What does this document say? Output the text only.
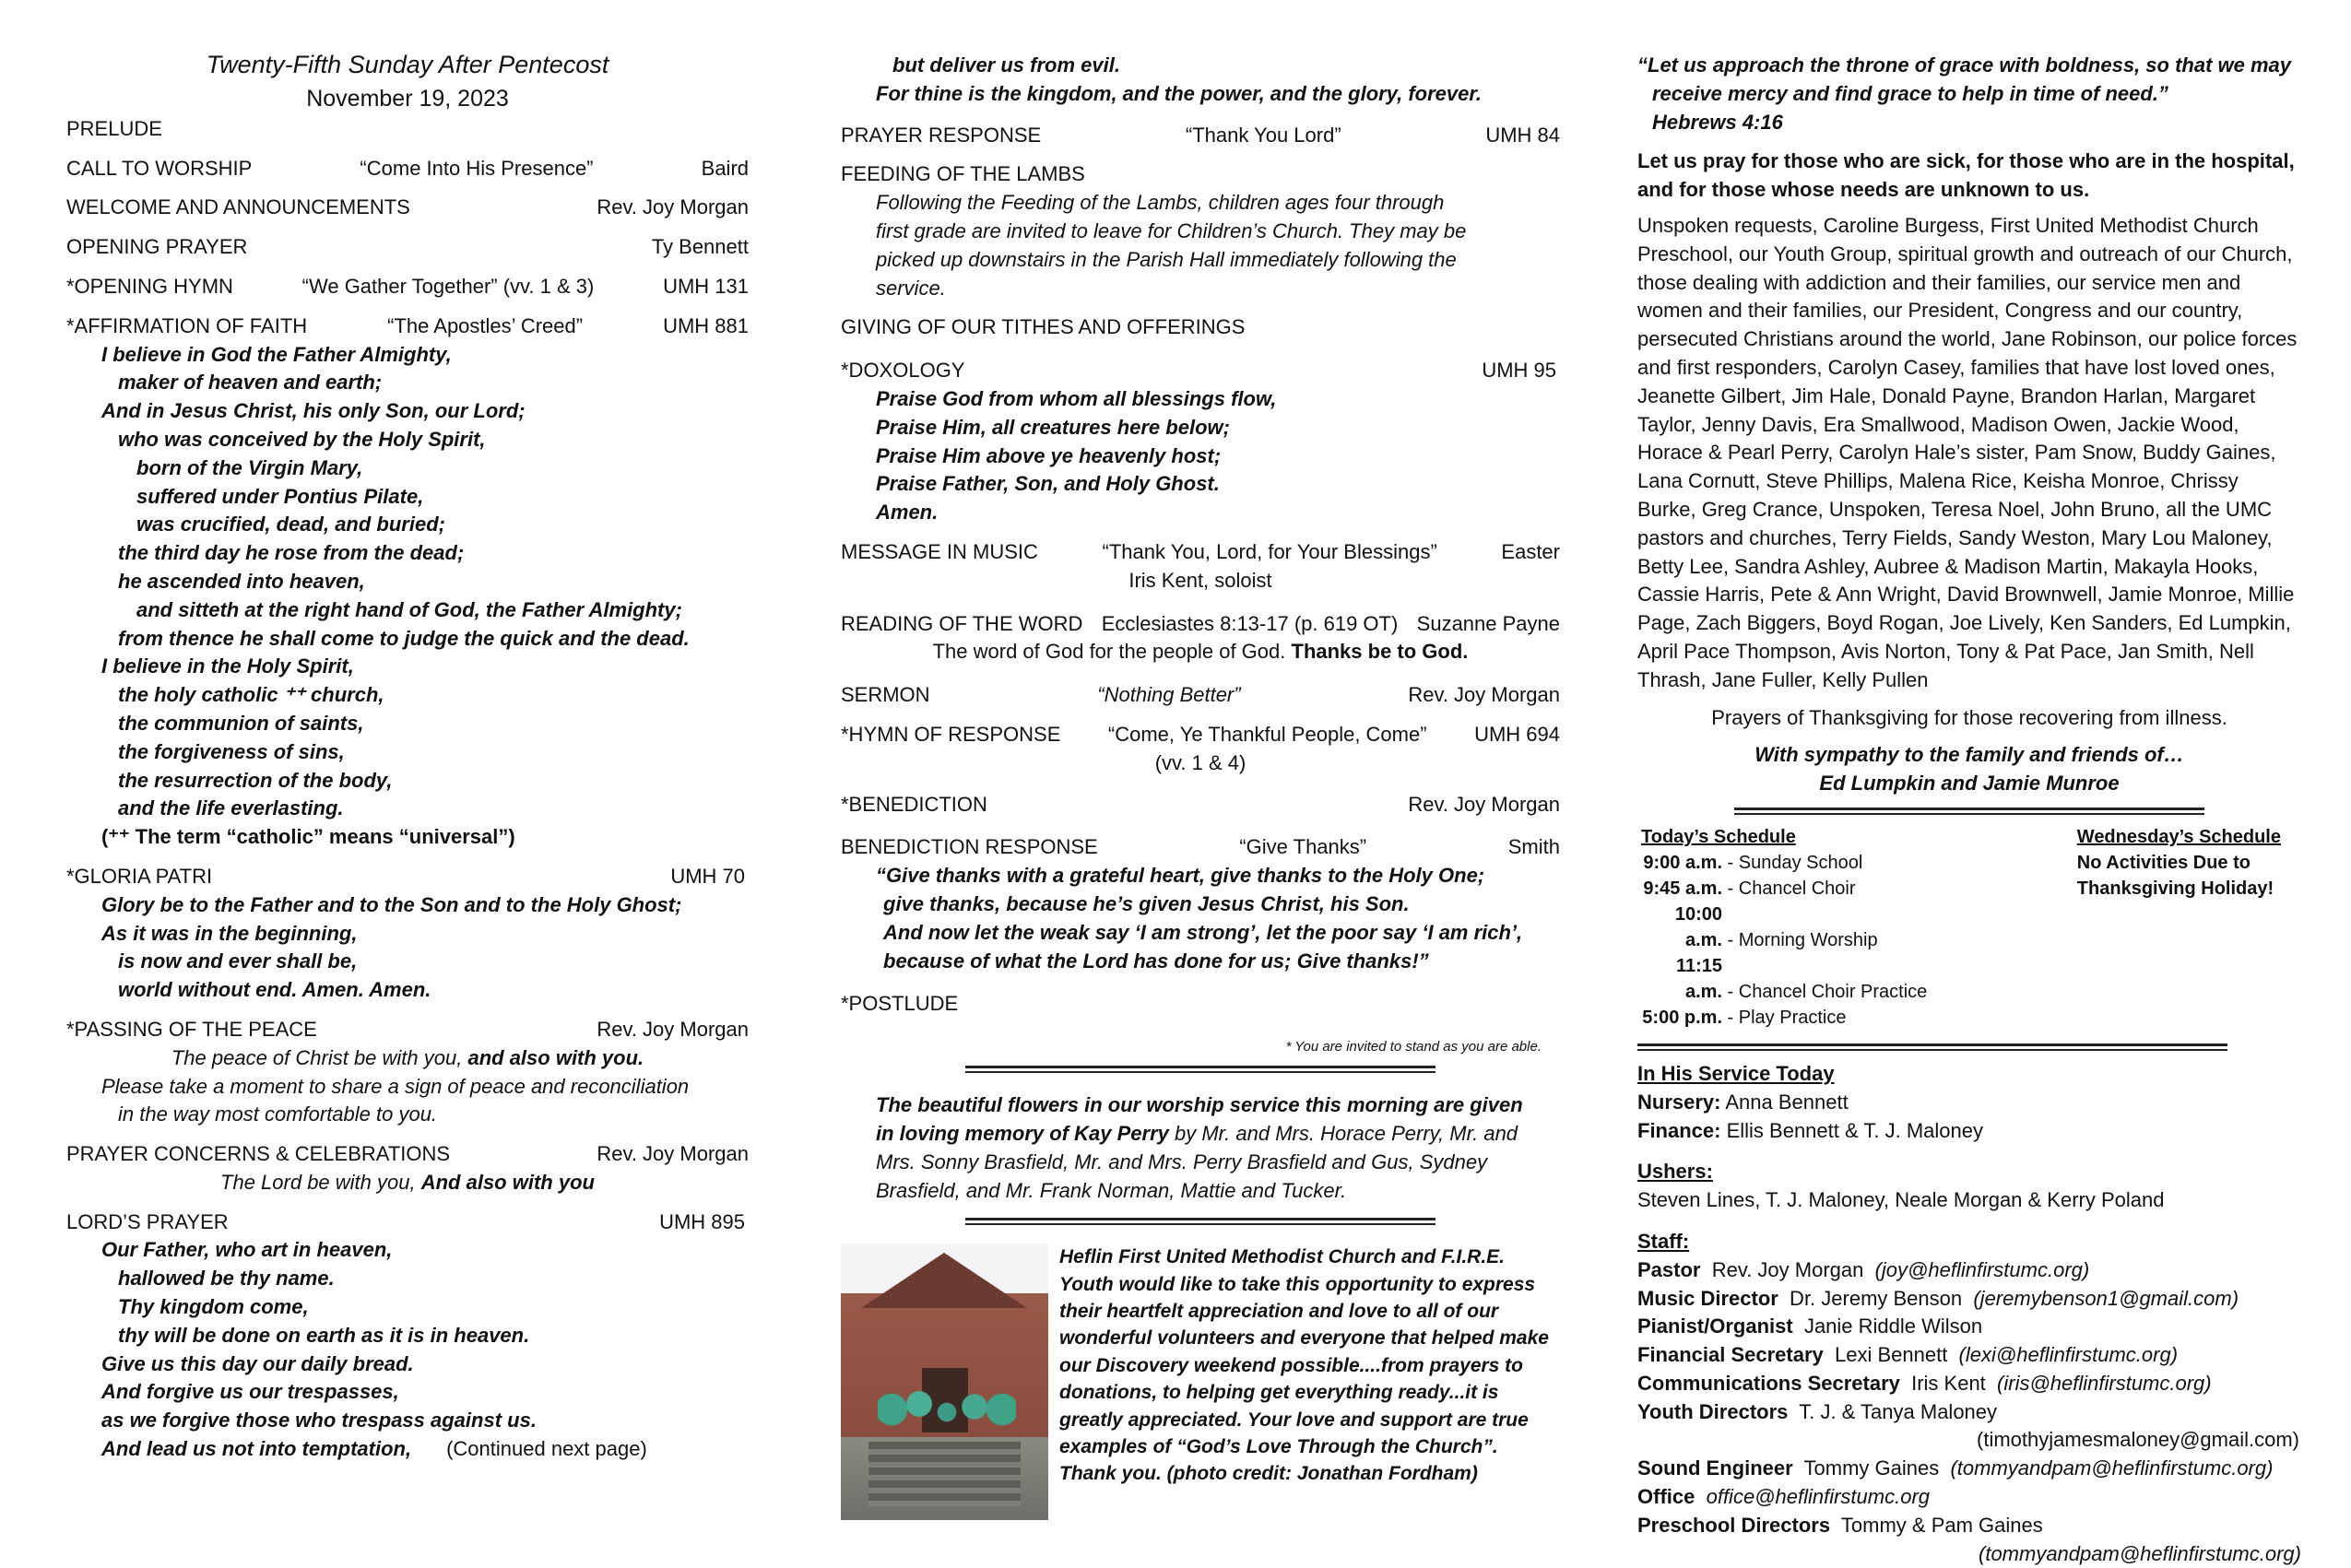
Twenty-Fifth Sunday After Pentecost
November 19, 2023
PRELUDE
CALL TO WORSHIP	“Come Into His Presence”	Baird
WELCOME AND ANNOUNCEMENTS	Rev. Joy Morgan
OPENING PRAYER	Ty Bennett
*OPENING HYMN	“We Gather Together” (vv. 1 & 3)	UMH 131
*AFFIRMATION OF FAITH	“The Apostles’ Creed”	UMH 881

I believe in God the Father Almighty,

maker of heaven and earth;

And in Jesus Christ, his only Son, our Lord;

who was conceived by the Holy Spirit,

born of the Virgin Mary,

suffered under Pontius Pilate,

was crucified, dead, and buried;

the third day he rose from the dead;

he ascended into heaven,

and sitteth at the right hand of God, the Father Almighty;

from thence he shall come to judge the quick and the dead.

I believe in the Holy Spirit,

the holy catholic ⁺⁺ church,

the communion of saints,

the forgiveness of sins,

the resurrection of the body,

and the life everlasting.

(⁺⁺ The term “catholic” means “universal”)

*GLORIA PATRI	UMH 70

Glory be to the Father and to the Son and to the Holy Ghost;

As it was in the beginning,

is now and ever shall be,

world without end. Amen. Amen.

*PASSING OF THE PEACE	Rev. Joy Morgan
The peace of Christ be with you, and also with you.

Please take a moment to share a sign of peace and reconciliation

in the way most comfortable to you.

PRAYER CONCERNS & CELEBRATIONS	Rev. Joy Morgan
The Lord be with you, And also with you
LORD’S PRAYER	UMH 895

Our Father, who art in heaven,

hallowed be thy name.

Thy kingdom come,

thy will be done on earth as it is in heaven.

Give us this day our daily bread.

And forgive us our trespasses,

as we forgive those who trespass against us.

And lead us not into temptation, (Continued next page)

but deliver us from evil.

For thine is the kingdom, and the power, and the glory, forever.

PRAYER RESPONSE	“Thank You Lord”	UMH 84
FEEDING OF THE LAMBS

Following the Feeding of the Lambs, children ages four through

first grade are invited to leave for Children’s Church. They may be

picked up downstairs in the Parish Hall immediately following the

service.

GIVING OF OUR TITHES AND OFFERINGS
*DOXOLOGY	UMH 95

Praise God from whom all blessings flow,

Praise Him, all creatures here below;

Praise Him above ye heavenly host;

Praise Father, Son, and Holy Ghost.

Amen.

MESSAGE IN MUSIC	“Thank You, Lord, for Your Blessings”	Easter
Iris Kent, soloist
READING OF THE WORD Ecclesiastes 8:13-17 (p. 619 OT) Suzanne Payne
The word of God for the people of God. Thanks be to God.
SERMON	“Nothing Better”	Rev. Joy Morgan
*HYMN OF RESPONSE	“Come, Ye Thankful People, Come”	UMH 694
(vv. 1 & 4)
*BENEDICTION	Rev. Joy Morgan
BENEDICTION RESPONSE	“Give Thanks”	Smith

“Give thanks with a grateful heart, give thanks to the Holy One;

give thanks, because he’s given Jesus Christ, his Son.

And now let the weak say ‘I am strong’, let the poor say ‘I am rich’,

because of what the Lord has done for us; Give thanks!”

*POSTLUDE
* You are invited to stand as you are able.
The beautiful flowers in our worship service this morning are given in loving memory of Kay Perry by Mr. and Mrs. Horace Perry, Mr. and Mrs. Sonny Brasfield, Mr. and Mrs. Perry Brasfield and Gus, Sydney Brasfield, and Mr. Frank Norman, Mattie and Tucker.
Heflin First United Methodist Church and F.I.R.E. Youth would like to take this opportunity to express their heartfelt appreciation and love to all of our wonderful volunteers and everyone that helped make our Discovery weekend possible....from prayers to donations, to helping get everything ready...it is greatly appreciated. Your love and support are true examples of “God’s Love Through the Church”. Thank you. (photo credit: Jonathan Fordham)

“Let us approach the throne of grace with boldness, so that we may

receive mercy and find grace to help in time of need.”

Hebrews 4:16

Let us pray for those who are sick, for those who are in the hospital, and for those whose needs are unknown to us.
Unspoken requests, Caroline Burgess, First United Methodist Church Preschool, our Youth Group, spiritual growth and outreach of our Church, those dealing with addiction and their families, our service men and women and their families, our President, Congress and our country, persecuted Christians around the world, Jane Robinson, our police forces and first responders, Carolyn Casey, families that have lost loved ones, Jeanette Gilbert, Jim Hale, Donald Payne, Brandon Harlan, Margaret Taylor, Jenny Davis, Era Smallwood, Madison Owen, Jackie Wood, Horace & Pearl Perry, Carolyn Hale’s sister, Pam Snow, Buddy Gaines, Lana Cornutt, Steve Phillips, Malena Rice, Keisha Monroe, Chrissy Burke, Greg Crance, Unspoken, Teresa Noel, John Bruno, all the UMC pastors and churches, Terry Fields, Sandy Weston, Mary Lou Maloney, Betty Lee, Sandra Ashley, Aubree & Madison Martin, Makayla Hooks, Cassie Harris, Pete & Ann Wright, David Brownwell, Jamie Monroe, Millie Page, Zach Biggers, Boyd Rogan, Joe Lively, Ken Sanders, Ed Lumpkin, April Pace Thompson, Avis Norton, Tony & Pat Pace, Jan Smith, Nell Thrash, Jane Fuller, Kelly Pullen
Prayers of Thanksgiving for those recovering from illness.
With sympathy to the family and friends of…
Ed Lumpkin and Jamie Munroe
Today’s Schedule
9:00 a.m. - Sunday School
9:45 a.m. - Chancel Choir
10:00 a.m. - Morning Worship
11:15 a.m. - Chancel Choir Practice
5:00 p.m. - Play Practice
Wednesday’s Schedule
No Activities Due to
Thanksgiving Holiday!

In His Service Today

Nursery: Anna Bennett

Finance: Ellis Bennett & T. J. Maloney

Ushers:

Steven Lines, T. J. Maloney, Neale Morgan & Kerry Poland

Staff:

Pastor  Rev. Joy Morgan  (joy@heflinfirstumc.org)

Music Director  Dr. Jeremy Benson  (jeremybenson1@gmail.com)

Pianist/Organist  Janie Riddle Wilson

Financial Secretary  Lexi Bennett  (lexi@heflinfirstumc.org)

Communications Secretary  Iris Kent  (iris@heflinfirstumc.org)

Youth Directors  T. J. & Tanya Maloney

(timothyjamesmaloney@gmail.com)

Sound Engineer  Tommy Gaines  (tommyandpam@heflinfirstumc.org)

Office office@heflinfirstumc.org

Preschool Directors  Tommy & Pam Gaines

(tommyandpam@heflinfirstumc.org)
